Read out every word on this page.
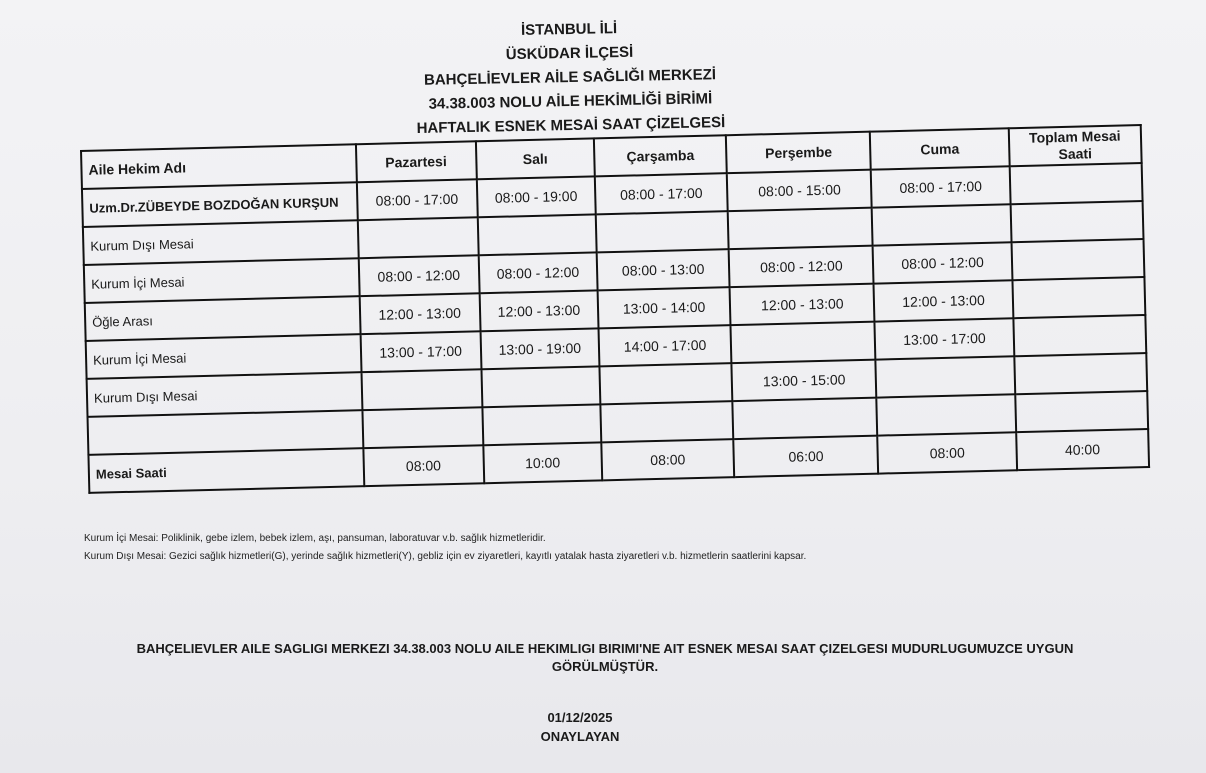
İSTANBUL İLİ
ÜSKÜDAR İLÇESİ
BAHÇELİEVLER AİLE SAĞLIĞI MERKEZİ
34.38.003 NOLU AİLE HEKİMLİĞİ BİRİMİ
HAFTALIK ESNEK MESAİ SAAT ÇİZELGESİ
Aile Hekim Adı	Pazartesi	Salı	Çarşamba	Perşembe	Cuma	Toplam Mesai Saati
Uzm.Dr.ZÜBEYDE BOZDOĞAN KURŞUN	08:00 - 17:00	08:00 - 19:00	08:00 - 17:00	08:00 - 15:00	08:00 - 17:00	
Kurum Dışı Mesai						
Kurum İçi Mesai	08:00 - 12:00	08:00 - 12:00	08:00 - 13:00	08:00 - 12:00	08:00 - 12:00	
Öğle Arası	12:00 - 13:00	12:00 - 13:00	13:00 - 14:00	12:00 - 13:00	12:00 - 13:00	
Kurum İçi Mesai	13:00 - 17:00	13:00 - 19:00	14:00 - 17:00		13:00 - 17:00	
Kurum Dışı Mesai				13:00 - 15:00		

Mesai Saati	08:00	10:00	08:00	06:00	08:00	40:00
Kurum İçi Mesai: Poliklinik, gebe izlem, bebek izlem, aşı, pansuman, laboratuvar v.b. sağlık hizmetleridir.
Kurum Dışı Mesai: Gezici sağlık hizmetleri(G), yerinde sağlık hizmetleri(Y), gebliz için ev ziyaretleri, kayıtlı yatalak hasta ziyaretleri v.b. hizmetlerin saatlerini kapsar.
BAHÇELIEVLER AILE SAGLIGI MERKEZI 34.38.003 NOLU AILE HEKIMLIGI BIRIMI'NE AIT ESNEK MESAI SAAT ÇIZELGESI MUDURLUGUMUZCE UYGUN
GÖRÜLMÜŞTÜR.
01/12/2025
ONAYLAYAN
